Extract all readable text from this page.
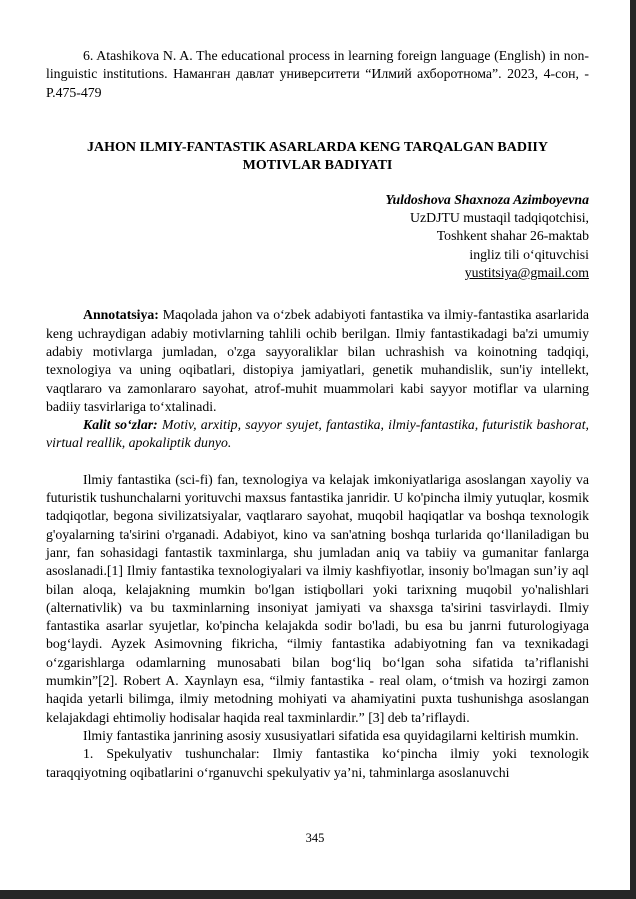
6. Atashikova N. A. The educational process in learning foreign language (English) in non-linguistic institutions. Наманган давлат университети “Илмий ахборотнома”. 2023, 4-сон, -P.475-479

JAHON ILMIY-FANTASTIK ASARLARDA KENG TARQALGAN BADIIY MOTIVLAR BADIYATI
Yuldoshova Shaxnoza Azimboyevna
UzDJTU mustaqil tadqiqotchisi,
Toshkent shahar 26-maktab
ingliz tili o‘qituvchisi
yustitsiya@gmail.com

Annotatsiya: Maqolada jahon va o‘zbek adabiyoti fantastika va ilmiy-fantastika asarlarida keng uchraydigan adabiy motivlarning tahlili ochib berilgan. Ilmiy fantastikadagi ba'zi umumiy adabiy motivlarga jumladan, o'zga sayyoraliklar bilan uchrashish va koinotning tadqiqi, texnologiya va uning oqibatlari, distopiya jamiyatlari, genetik muhandislik, sun'iy intellekt, vaqtlararo va zamonlararo sayohat, atrof-muhit muammolari kabi sayyor motiflar va ularning badiiy tasvirlariga to‘xtalinadi.

Kalit so‘zlar: Motiv, arxitip, sayyor syujet, fantastika, ilmiy-fantastika, futuristik bashorat, virtual reallik, apokaliptik dunyo.

Ilmiy fantastika (sci-fi) fan, texnologiya va kelajak imkoniyatlariga asoslangan xayoliy va futuristik tushunchalarni yorituvchi maxsus fantastika janridir. U ko'pincha ilmiy yutuqlar, kosmik tadqiqotlar, begona sivilizatsiyalar, vaqtlararo sayohat, muqobil haqiqatlar va boshqa texnologik g'oyalarning ta'sirini o'rganadi. Adabiyot, kino va san'atning boshqa turlarida qo‘llaniladigan bu janr, fan sohasidagi fantastik taxminlarga, shu jumladan aniq va tabiiy va gumanitar fanlarga asoslanadi.[1] Ilmiy fantastika texnologiyalari va ilmiy kashfiyotlar, insoniy bo'lmagan sun’iy aql bilan aloqa, kelajakning mumkin bo'lgan istiqbollari yoki tarixning muqobil yo'nalishlari (alternativlik) va bu taxminlarning insoniyat jamiyati va shaxsga ta'sirini tasvirlaydi. Ilmiy fantastika asarlar syujetlar, ko'pincha kelajakda sodir bo'ladi, bu esa bu janrni futurologiyaga bog‘laydi. Ayzek Asimovning fikricha, “ilmiy fantastika adabiyotning fan va texnikadagi o‘zgarishlarga odamlarning munosabati bilan bog‘liq bo‘lgan soha sifatida ta’riflanishi mumkin”[2]. Robert A. Xaynlayn esa, “ilmiy fantastika - real olam, o‘tmish va hozirgi zamon haqida yetarli bilimga, ilmiy metodning mohiyati va ahamiyatini puxta tushunishga asoslangan kelajakdagi ehtimoliy hodisalar haqida real taxminlardir.” [3] deb ta’riflaydi.

Ilmiy fantastika janrining asosiy xususiyatlari sifatida esa quyidagilarni keltirish mumkin.

1. Spekulyativ tushunchalar: Ilmiy fantastika ko‘pincha ilmiy yoki texnologik taraqqiyotning oqibatlarini o‘rganuvchi spekulyativ ya’ni, tahminlarga asoslanuvchi

345
